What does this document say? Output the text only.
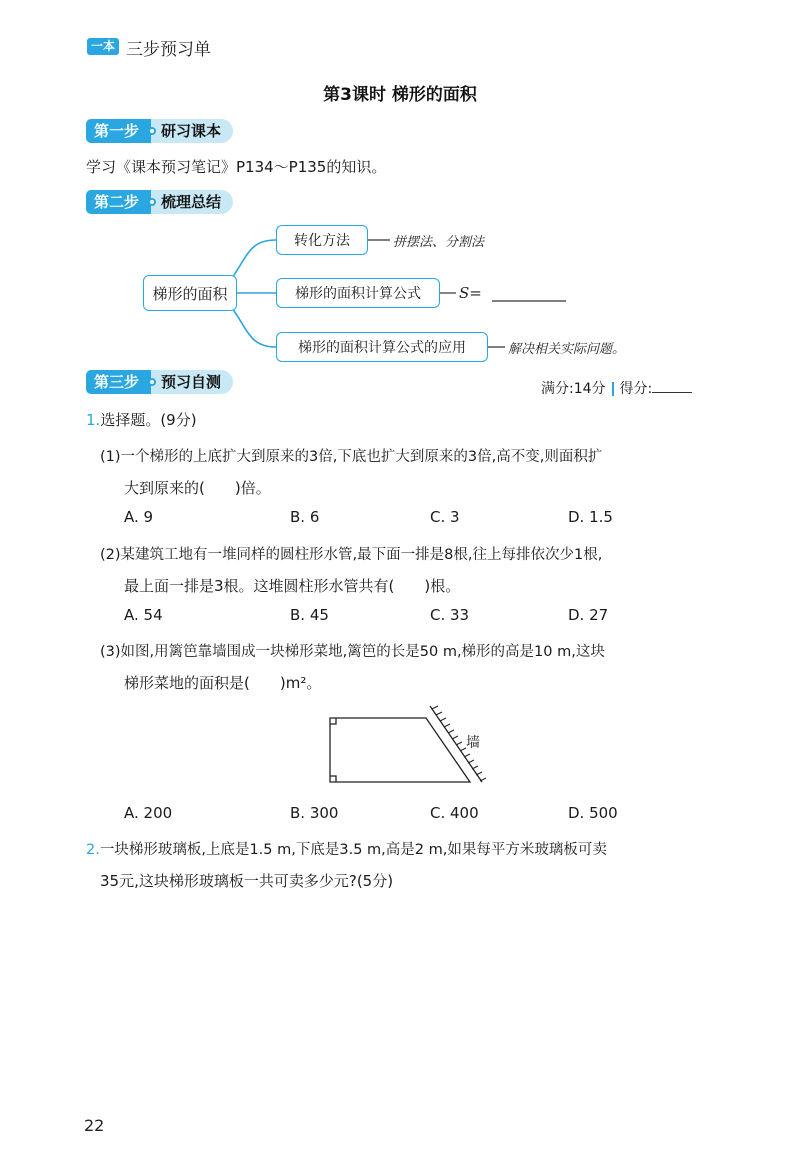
一本 三步预习单
第3课时 梯形的面积
第一步	研习课本
学习《课本预习笔记》P134～P135的知识。
第二步	梳理总结
梯形的面积
转化方法
梯形的面积计算公式
梯形的面积计算公式的应用
拼摆法、分割法
S=
解决相关实际问题。
第三步	预习自测	满分:14分 得分:
1.选择题。(9分)
(1)一个梯形的上底扩大到原来的3倍,下底也扩大到原来的3倍,高不变,则面积扩
大到原来的(　　)倍。
A. 9	B. 6	C. 3	D. 1.5
(2)某建筑工地有一堆同样的圆柱形水管,最下面一排是8根,往上每排依次少1根,
最上面一排是3根。这堆圆柱形水管共有(　　)根。
A. 54	B. 45	C. 33	D. 27
(3)如图,用篱笆靠墙围成一块梯形菜地,篱笆的长是50 m,梯形的高是10 m,这块
梯形菜地的面积是(　　)m²。
墙
A. 200	B. 300	C. 400	D. 500
2.一块梯形玻璃板,上底是1.5 m,下底是3.5 m,高是2 m,如果每平方米玻璃板可卖
35元,这块梯形玻璃板一共可卖多少元?(5分)
22
